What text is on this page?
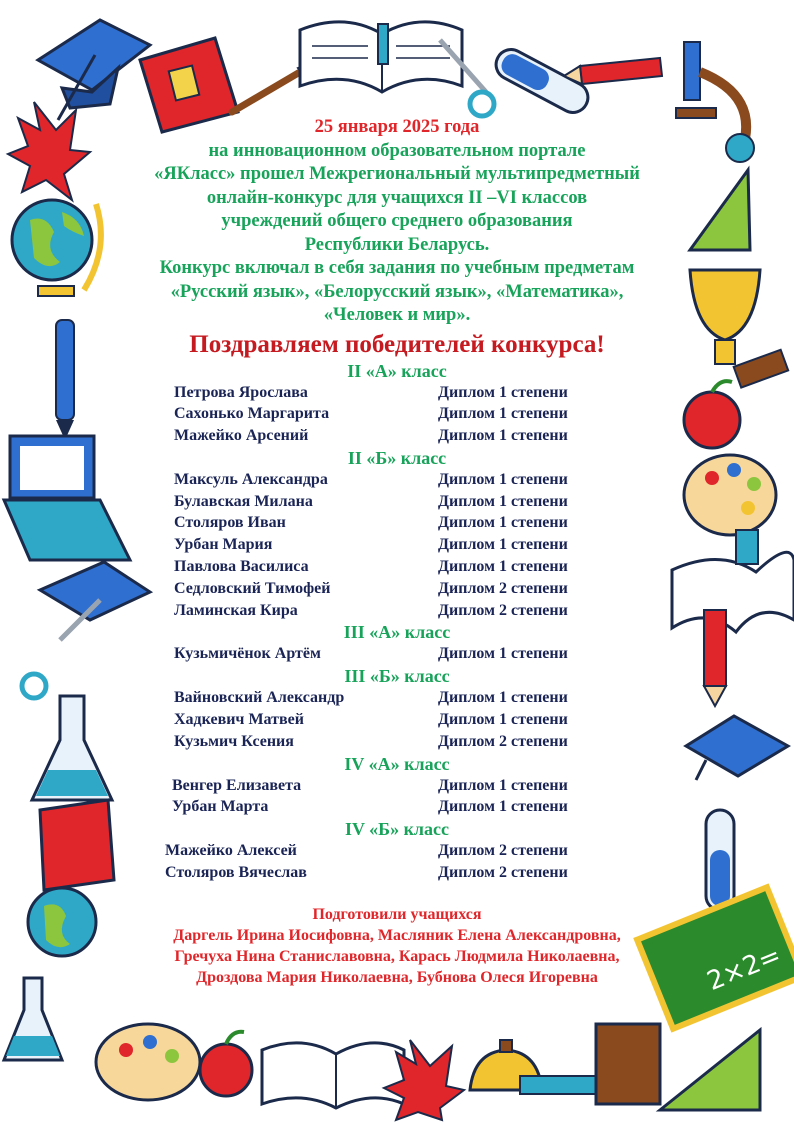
2×2=
25 января 2025 года
на инновационном образовательном портале
«ЯКласс» прошел Межрегиональный мультипредметный
онлайн-конкурс для учащихся II –VI классов
учреждений общего среднего образования
Республики Беларусь.
Конкурс включал в себя задания по учебным предметам
«Русский язык», «Белорусский язык», «Математика»,
«Человек и мир».
Поздравляем победителей конкурса!
II «А» класс
Петрова Ярослава	Диплом 1 степени
Сахонько Маргарита	Диплом 1 степени
Мажейко Арсений	Диплом 1 степени
II «Б» класс
Максуль Александра	Диплом 1 степени
Булавская Милана	Диплом 1 степени
Столяров Иван	Диплом 1 степени
Урбан Мария	Диплом 1 степени
Павлова Василиса	Диплом 1 степени
Седловский Тимофей	Диплом 2 степени
Ламинская Кира	Диплом 2 степени
III «А» класс
Кузьмичёнок Артём	Диплом 1 степени
III «Б» класс
Вайновский Александр	Диплом 1 степени
Хадкевич Матвей	Диплом 1 степени
Кузьмич Ксения	Диплом 2 степени
IV «А» класс
Венгер Елизавета	Диплом 1 степени
Урбан Марта	Диплом 1 степени
IV «Б» класс
Мажейко Алексей	Диплом 2 степени
Столяров Вячеслав	Диплом 2 степени
Подготовили учащихся
Даргель Ирина Иосифовна, Масляник Елена Александровна,
Гречуха Нина Станиславовна, Карась Людмила Николаевна,
Дроздова Мария Николаевна, Бубнова Олеся Игоревна
